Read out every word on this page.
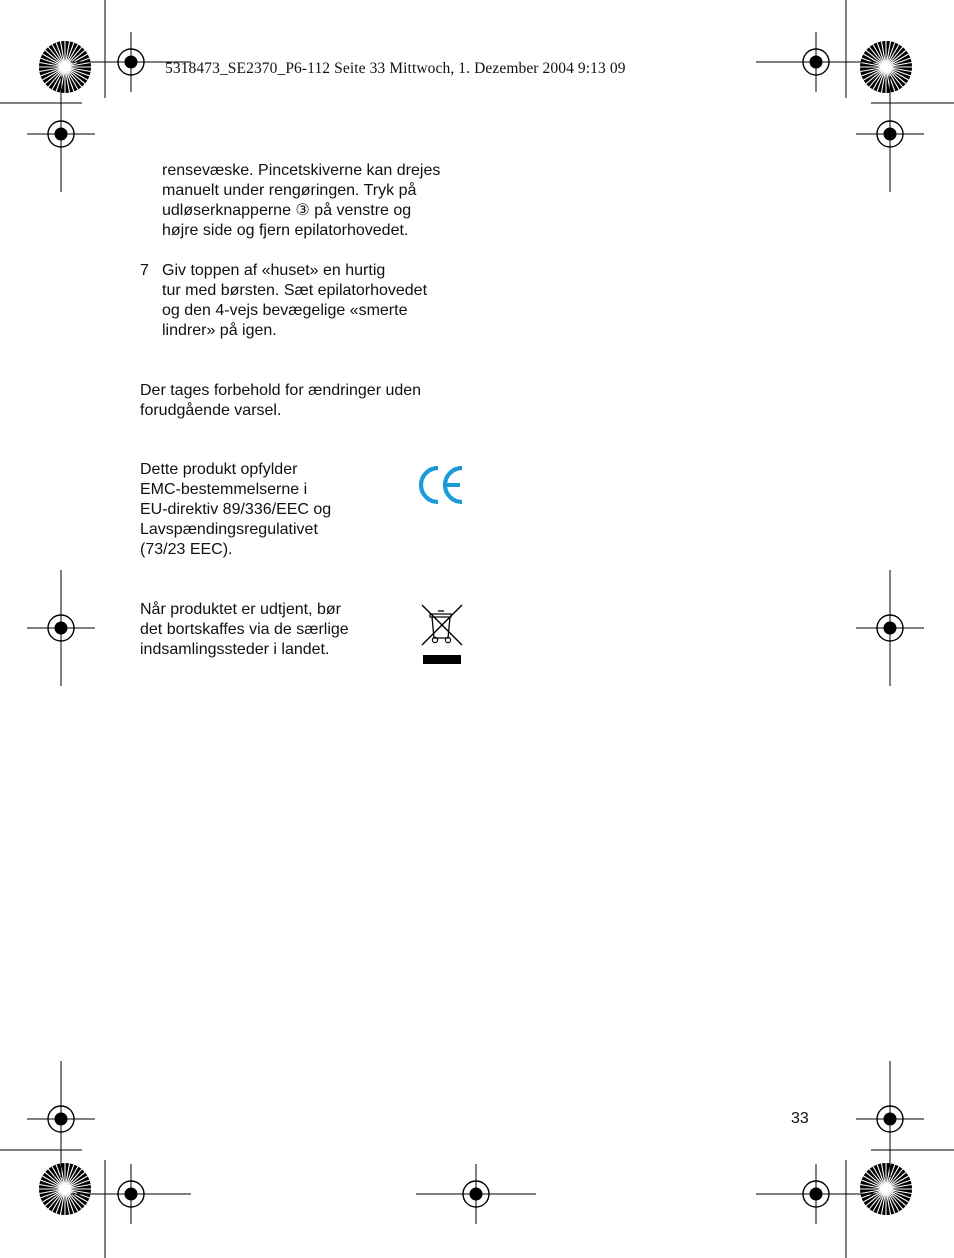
5318473_SE2370_P6-112 Seite 33 Mittwoch, 1. Dezember 2004 9:13 09
rensevæske. Pincetskiverne kan drejes
manuelt under rengøringen. Tryk på
udløserknapperne ③ på venstre og
højre side og fjern epilatorhovedet.
7 Giv toppen af «huset» en hurtig
tur med børsten. Sæt epilatorhovedet
og den 4-vejs bevægelige «smerte
lindrer» på igen.
Der tages forbehold for ændringer uden
forudgående varsel.
Dette produkt opfylder
EMC-bestemmelserne i
EU-direktiv 89/336/EEC og
Lavspændingsregulativet
(73/23 EEC).
Når produktet er udtjent, bør
det bortskaffes via de særlige
indsamlingssteder i landet.
33
